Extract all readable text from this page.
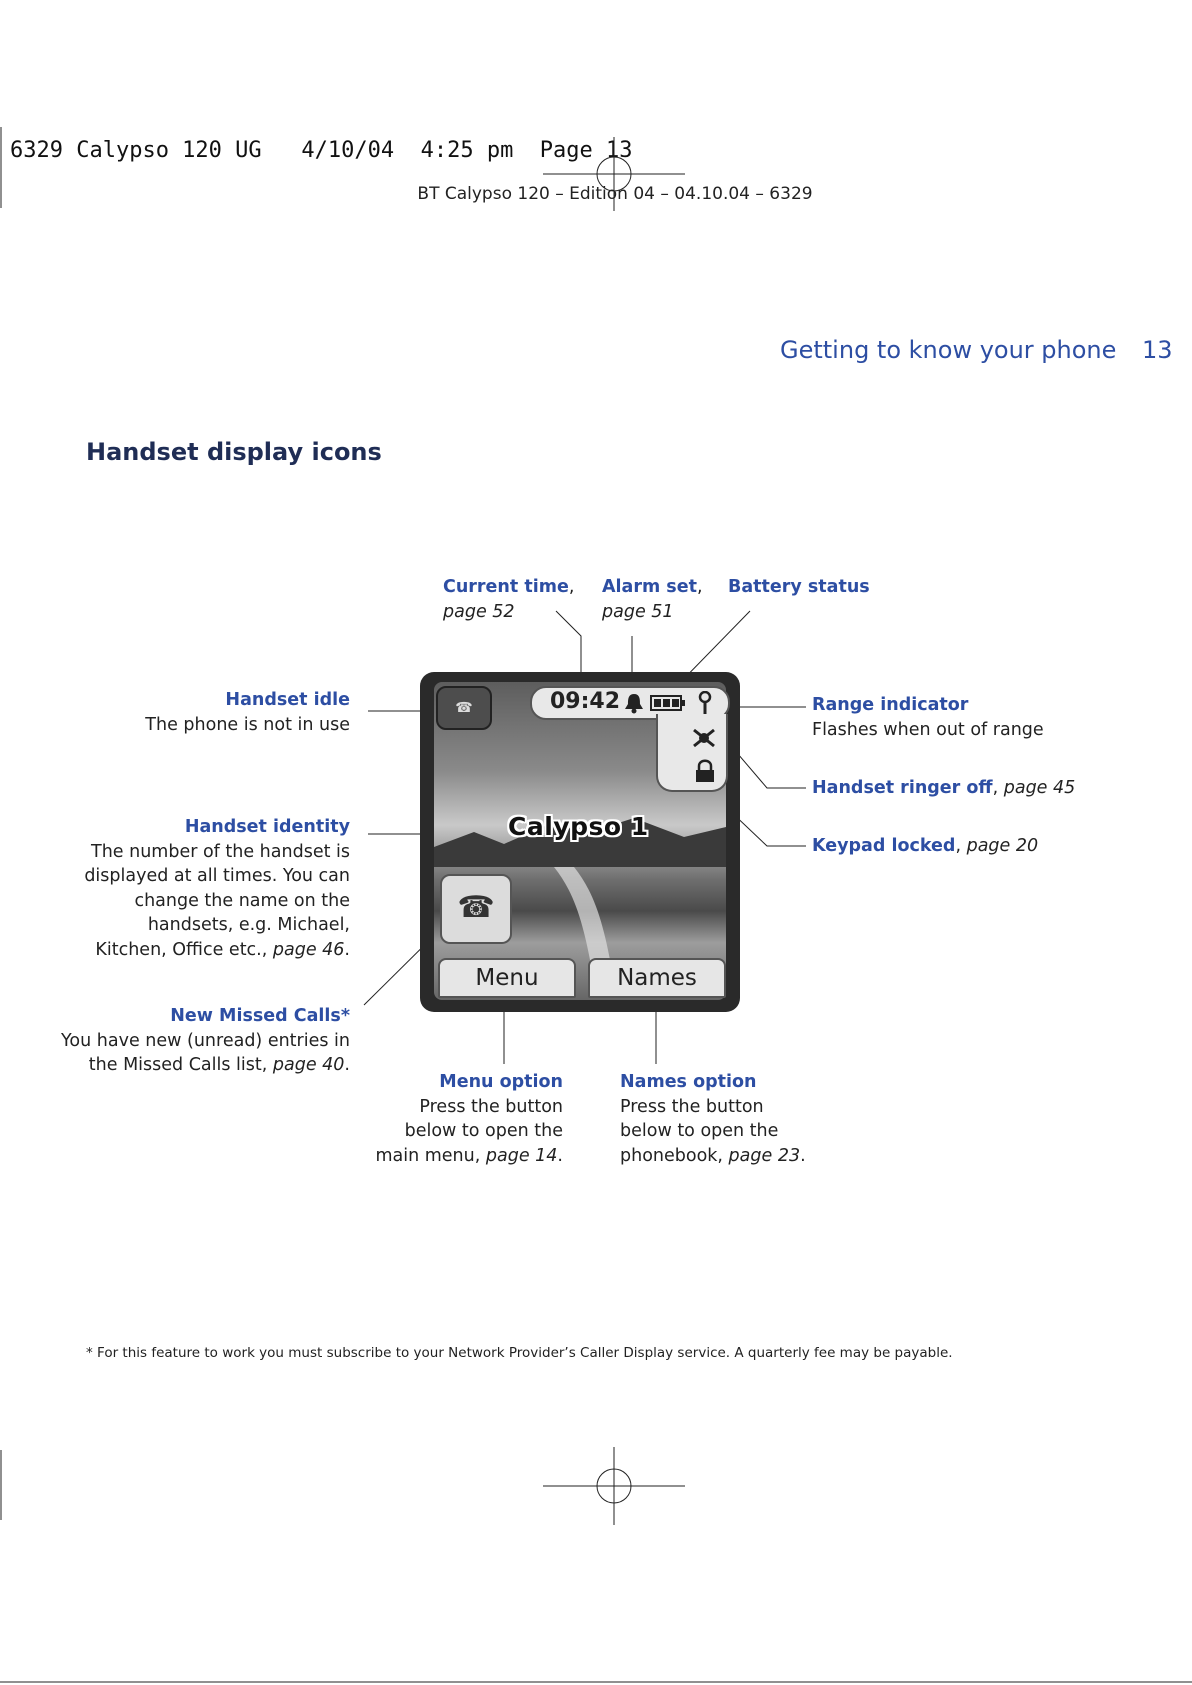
6329 Calypso 120 UG   4/10/04  4:25 pm  Page 13
BT Calypso 120 – Edition 04 – 04.10.04 – 6329
Getting to know your phone 13
Handset display icons
☎	09:42
Calypso 1
☎
Menu	Names
Current time,
page 52
Alarm set,
page 51
Battery status
Handset idle
The phone is not in use
Range indicator
Flashes when out of range
Handset ringer off, page 45
Keypad locked, page 20
Handset identity
The number of the handset is
displayed at all times. You can
change the name on the
handsets, e.g. Michael,
Kitchen, Office etc., page 46.
New Missed Calls*
You have new (unread) entries in
the Missed Calls list, page 40.
Menu option
Press the button
below to open the
main menu, page 14.
Names option
Press the button
below to open the
phonebook, page 23.
* For this feature to work you must subscribe to your Network Provider’s Caller Display service. A quarterly fee may be payable.
